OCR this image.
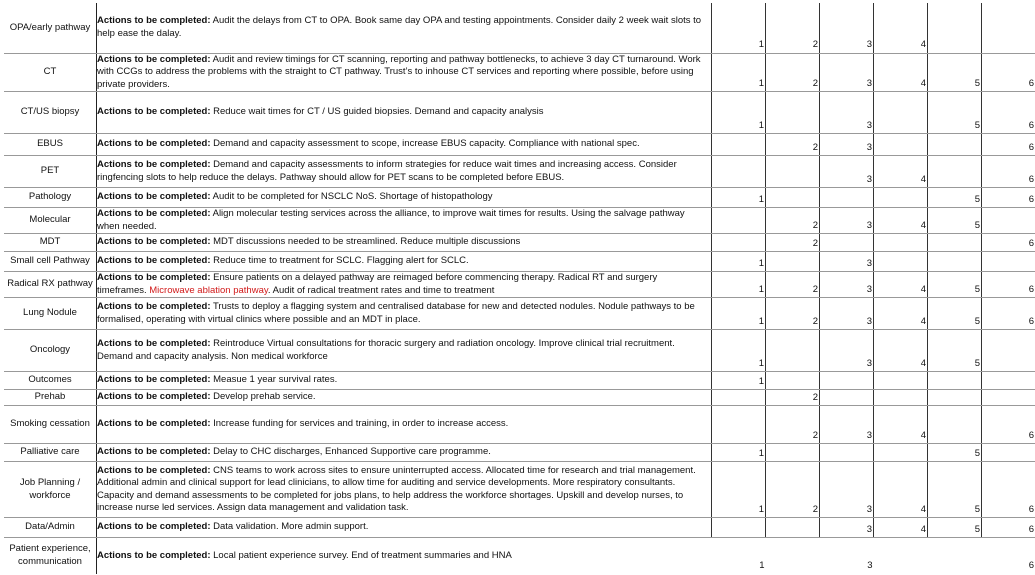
OPA/early pathway	Actions to be completed: Audit the delays from CT to OPA. Book same day OPA and testing appointments. Consider daily 2 week wait slots to help ease the dalay.	1	2	3	4		
CT	Actions to be completed: Audit and review timings for CT scanning, reporting and pathway bottlenecks, to achieve 3 day CT turnaround. Work with CCGs to address the problems with the straight to CT pathway. Trust’s to inhouse CT services and reporting where possible, before using private providers.	1	2	3	4	5	6
CT/US biopsy	Actions to be completed: Reduce wait times for CT / US guided biopsies. Demand and capacity analysis	1		3		5	6
EBUS	Actions to be completed: Demand and capacity assessment to scope, increase EBUS capacity. Compliance with national spec.		2	3			6
PET	Actions to be completed: Demand and capacity assessments to inform strategies for reduce wait times and increasing access. Consider ringfencing slots to help reduce the delays. Pathway should allow for PET scans to be completed before EBUS.			3	4		6
Pathology	Actions to be completed: Audit to be completed for NSCLC NoS. Shortage of histopathology	1				5	6
Molecular	Actions to be completed: Align molecular testing services across the alliance, to improve wait times for results. Using the salvage pathway when needed.		2	3	4	5	
MDT	Actions to be completed: MDT discussions needed to be streamlined. Reduce multiple discussions		2				6
Small cell Pathway	Actions to be completed: Reduce time to treatment for SCLC. Flagging alert for SCLC.	1		3			
Radical RX pathway	Actions to be completed: Ensure patients on a delayed pathway are reimaged before commencing therapy. Radical RT and surgery timeframes. Microwave ablation pathway. Audit of radical treatment rates and time to treatment	1	2	3	4	5	6
Lung Nodule	Actions to be completed: Trusts to deploy a flagging system and centralised database for new and detected nodules. Nodule pathways to be formalised, operating with virtual clinics where possible and an MDT in place.	1	2	3	4	5	6
Oncology	Actions to be completed: Reintroduce Virtual consultations for thoracic surgery and radiation oncology. Improve clinical trial recruitment. Demand and capacity analysis. Non medical workforce	1		3	4	5	
Outcomes	Actions to be completed: Measue 1 year survival rates.	1					
Prehab	Actions to be completed: Develop prehab service.		2				
Smoking cessation	Actions to be completed: Increase funding for services and training, in order to increase access.		2	3	4		6
Palliative care	Actions to be completed: Delay to CHC discharges, Enhanced Supportive care programme.	1				5	
Job Planning / workforce	Actions to be completed: CNS teams to work across sites to ensure uninterrupted access. Allocated time for research and trial management. Additional admin and clinical support for lead clinicians, to allow time for auditing and service developments. More respiratory consultants. Capacity and demand assessments to be completed for jobs plans, to help address the workforce shortages. Upskill and develop nurses, to increase nurse led services. Assign data management and validation task.	1	2	3	4	5	6
Data/Admin	Actions to be completed: Data validation. More admin support.			3	4	5	6
Patient experience, communication	Actions to be completed: Local patient experience survey. End of treatment summaries and HNA	1		3			6
